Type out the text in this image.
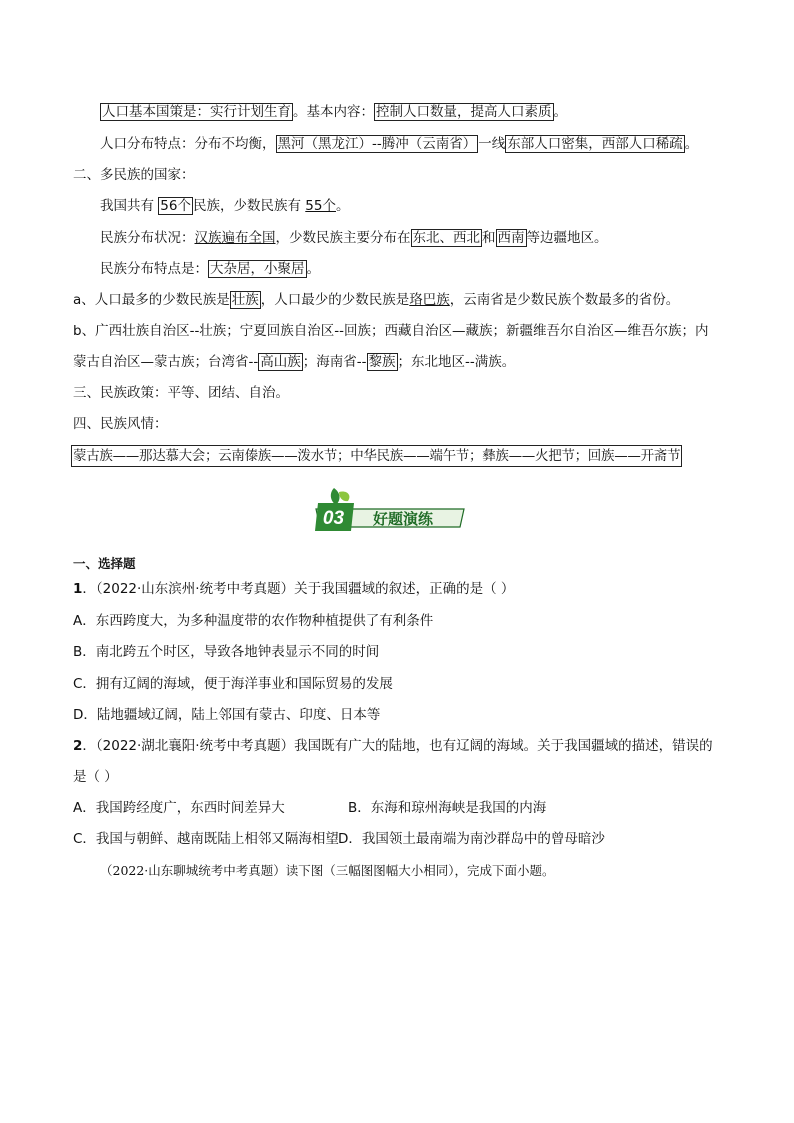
人口基本国策是：实行计划生育 。基本内容： 控制人口数量，提高人口素质 。
人口分布特点：分布不均衡， 黑河（黑龙江）--腾冲（云南省） 一线 东部人口密集，西部人口稀疏 。
二、多民族的国家：
我国共有 56个 民族，少数民族有 55个。
民族分布状况：汉族遍布全国，少数民族主要分布在 东北、西北 和 西南 等边疆地区。
民族分布特点是： 大杂居，小聚居 。
a、人口最多的少数民族是 壮族 ，人口最少的少数民族是珞巴族，云南省是少数民族个数最多的省份。
b、广西壮族自治区--壮族；宁夏回族自治区--回族；西藏自治区—藏族；新疆维吾尔自治区—维吾尔族；内
蒙古自治区—蒙古族；台湾省-- 高山族 ；海南省-- 黎族 ；东北地区--满族。
三、民族政策：平等、团结、自治。
四、民族风情：
蒙古族——那达慕大会；云南傣族——泼水节；中华民族——端午节；彝族——火把节；回族——开斋节
03 好题演练
一、选择题
1．（2022·山东滨州·统考中考真题）关于我国疆域的叙述，正确的是（ ）
A．东西跨度大，为多种温度带的农作物种植提供了有利条件
B．南北跨五个时区，导致各地钟表显示不同的时间
C．拥有辽阔的海域，便于海洋事业和国际贸易的发展
D．陆地疆域辽阔，陆上邻国有蒙古、印度、日本等
2．（2022·湖北襄阳·统考中考真题）我国既有广大的陆地，也有辽阔的海域。关于我国疆域的描述，错误的
是（ ）
A．我国跨经度广，东西时间差异大	B．东海和琼州海峡是我国的内海
C．我国与朝鲜、越南既陆上相邻又隔海相望 D．我国领土最南端为南沙群岛中的曾母暗沙
（2022·山东聊城统考中考真题）读下图（三幅图图幅大小相同），完成下面小题。
